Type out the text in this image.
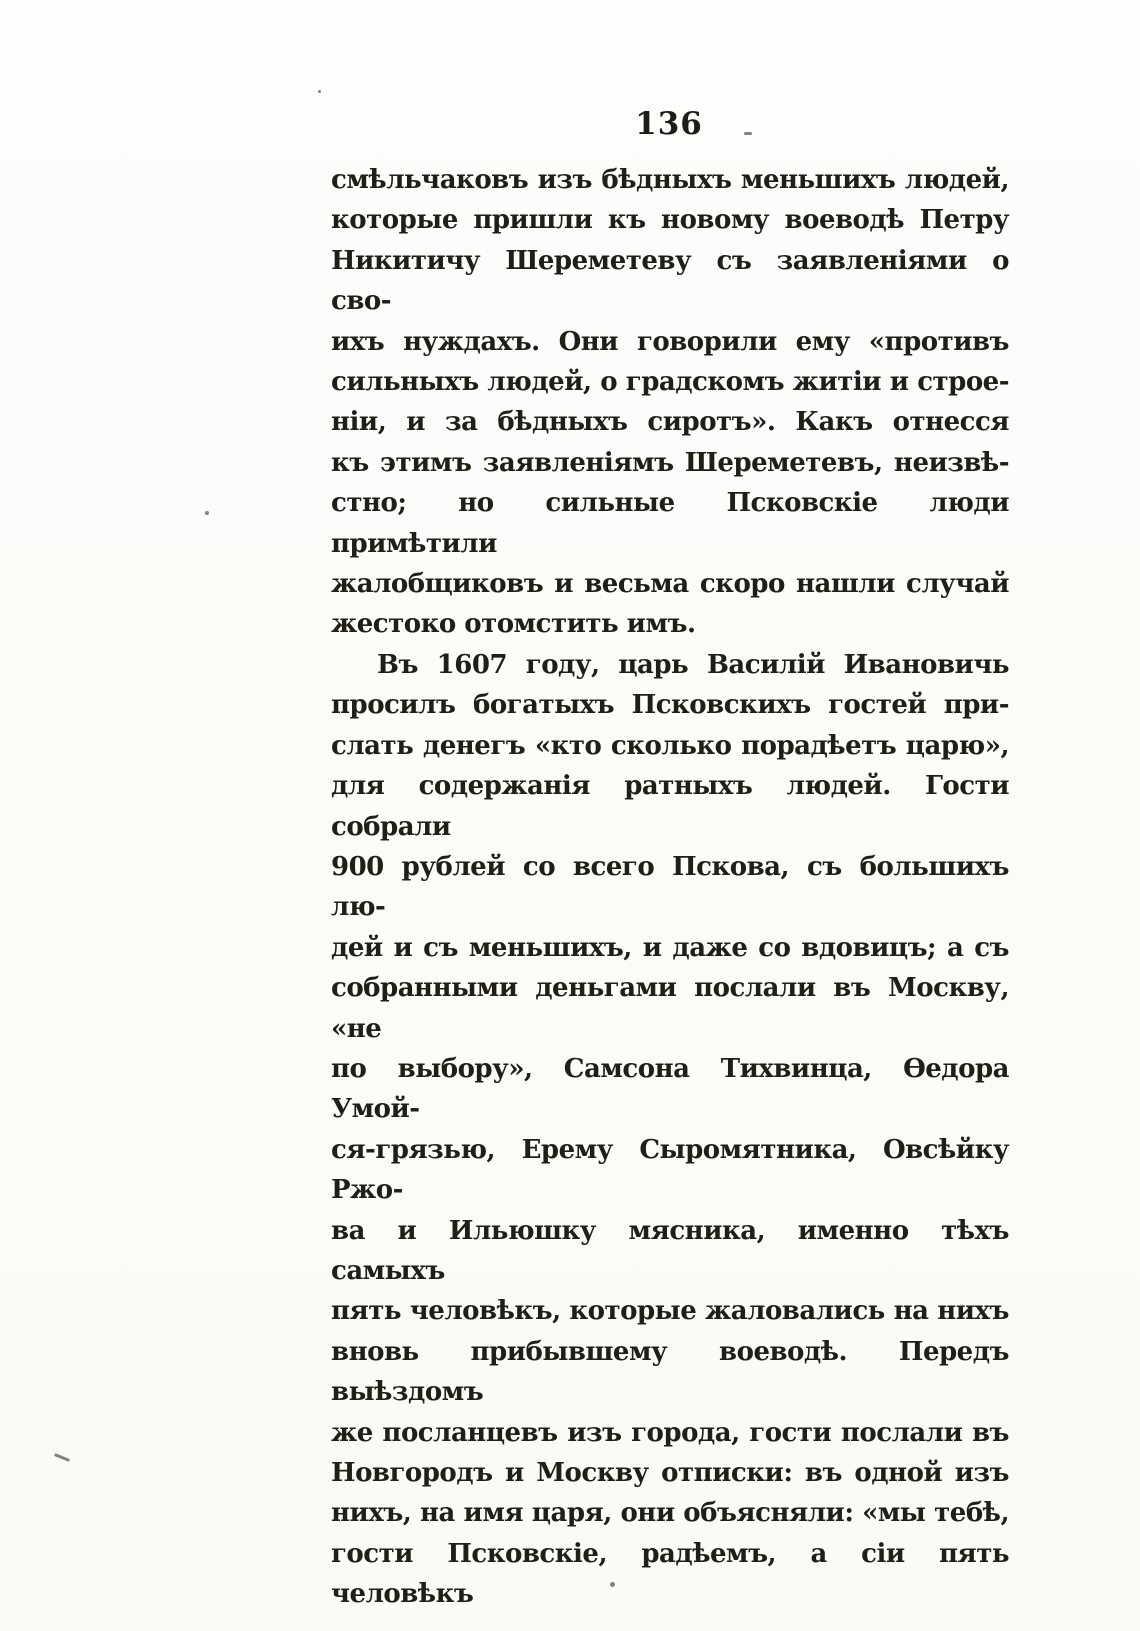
136
смѣльчаковъ изъ бѣдныхъ меньшихъ людей,
которые пришли къ новому воеводѣ Петру
Никитичу Шереметеву съ заявленіями о сво-
ихъ нуждахъ. Они говорили ему «противъ
сильныхъ людей, о градскомъ житіи и строе-
ніи, и за бѣдныхъ сиротъ». Какъ отнесся
къ этимъ заявленіямъ Шереметевъ, неизвѣ-
стно; но сильные Псковскіе люди примѣтили
жалобщиковъ и весьма скоро нашли случай
жестоко отомстить имъ.
Въ 1607 году, царь Василій Ивановичь
просилъ богатыхъ Псковскихъ гостей при-
слать денегъ «кто сколько порадѣетъ царю»,
для содержанія ратныхъ людей. Гости собрали
900 рублей со всего Пскова, съ большихъ лю-
дей и съ меньшихъ, и даже со вдовицъ; а съ
собранными деньгами послали въ Москву, «не
по выбору», Самсона Тихвинца, Ѳедора Умой-
ся-грязью, Ерему Сыромятника, Овсѣйку Ржо-
ва и Ильюшку мясника, именно тѣхъ самыхъ
пять человѣкъ, которые жаловались на нихъ
вновь прибывшему воеводѣ. Передъ выѣздомъ
же посланцевъ изъ города, гости послали въ
Новгородъ и Москву отписки: въ одной изъ
нихъ, на имя царя, они объясняли: «мы тебѣ,
гости Псковскіе, радѣемъ, а сіи пять человѣкъ
